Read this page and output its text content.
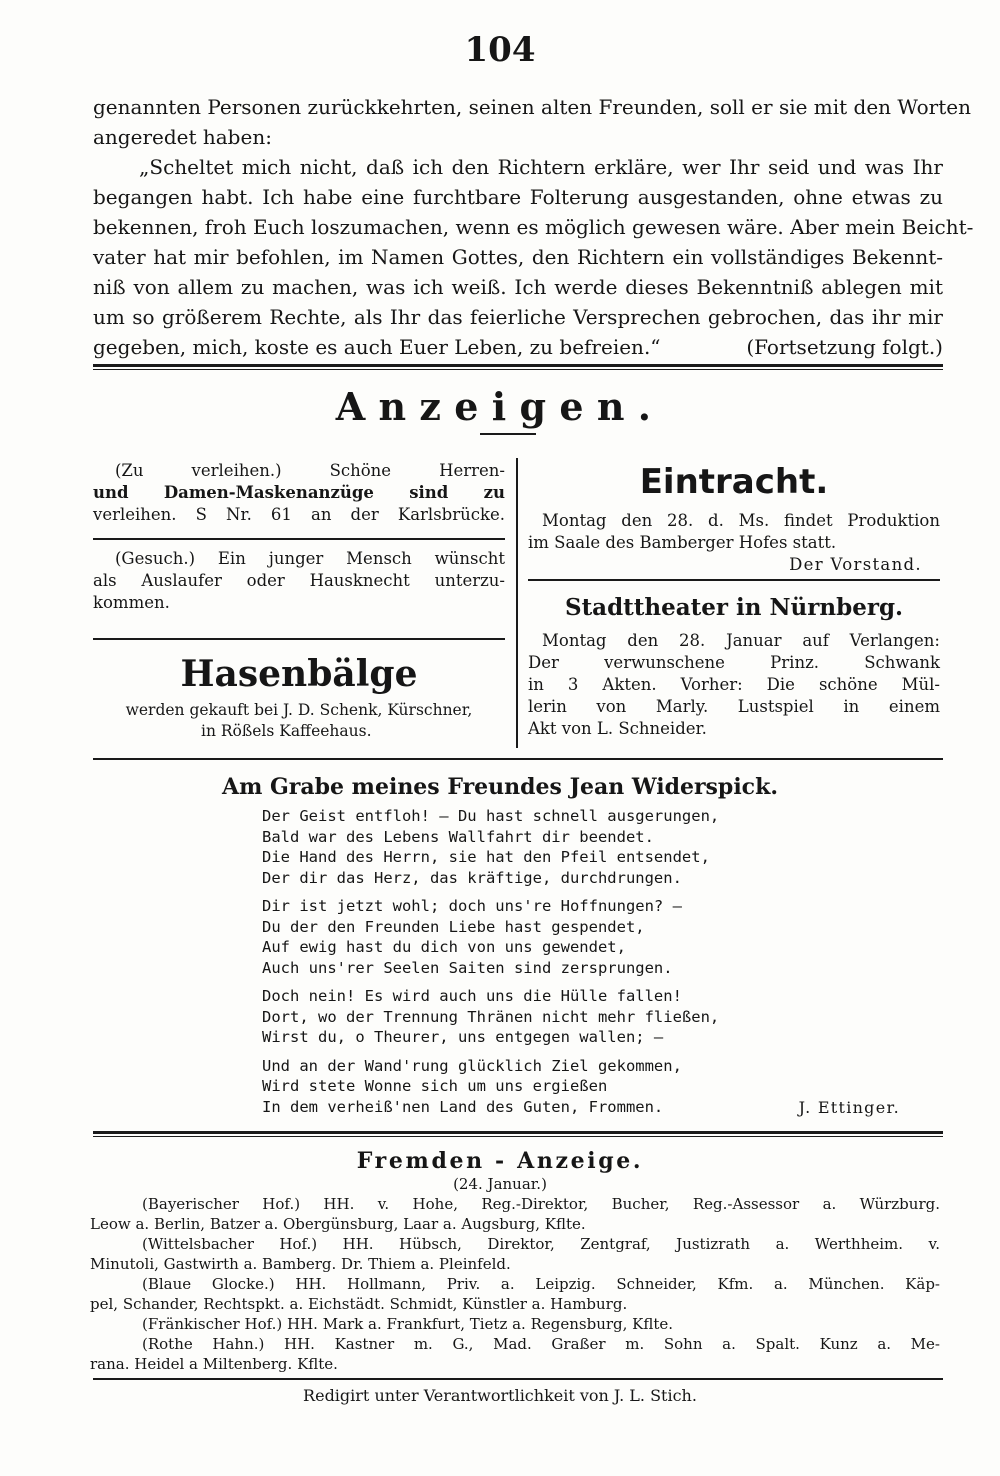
104
genannten Personen zurückkehrten, seinen alten Freunden, soll er sie mit den Worten
angeredet haben:
„Scheltet mich nicht, daß ich den Richtern erkläre, wer Ihr seid und was Ihr
begangen habt. Ich habe eine furchtbare Folterung ausgestanden, ohne etwas zu
bekennen, froh Euch loszumachen, wenn es möglich gewesen wäre. Aber mein Beicht-
vater hat mir befohlen, im Namen Gottes, den Richtern ein vollständiges Bekennt-
niß von allem zu machen, was ich weiß. Ich werde dieses Bekenntniß ablegen mit
um so größerem Rechte, als Ihr das feierliche Versprechen gebrochen, das ihr mir
gegeben, mich, koste es auch Euer Leben, zu befreien.“	(Fortsetzung folgt.)
Anzeigen.
(Zu verleihen.) Schöne Herren-
und Damen-Maskenanzüge sind zu
verleihen. S Nr. 61 an der Karlsbrücke.
(Gesuch.) Ein junger Mensch wünscht
als Auslaufer oder Hausknecht unterzu-
kommen.
Hasenbälge
werden gekauft bei J. D. Schenk, Kürschner,
in Rößels Kaffeehaus.
Eintracht.
Montag den 28. d. Ms. findet Produktion
im Saale des Bamberger Hofes statt.
Der Vorstand.
Stadttheater in Nürnberg.
Montag den 28. Januar auf Verlangen:
Der verwunschene Prinz. Schwank
in 3 Akten. Vorher: Die schöne Mül-
lerin von Marly. Lustspiel in einem
Akt von L. Schneider.
Am Grabe meines Freundes Jean Widerspick.
Der Geist entfloh! — Du hast schnell ausgerungen,
Bald war des Lebens Wallfahrt dir beendet.
Die Hand des Herrn, sie hat den Pfeil entsendet,
Der dir das Herz, das kräftige, durchdrungen.
Dir ist jetzt wohl; doch uns're Hoffnungen? —
Du der den Freunden Liebe hast gespendet,
Auf ewig hast du dich von uns gewendet,
Auch uns'rer Seelen Saiten sind zersprungen.
Doch nein! Es wird auch uns die Hülle fallen!
Dort, wo der Trennung Thränen nicht mehr fließen,
Wirst du, o Theurer, uns entgegen wallen; —
Und an der Wand'rung glücklich Ziel gekommen,
Wird stete Wonne sich um uns ergießen
In dem verheiß'nen Land des Guten, Frommen.	J. Ettinger.
Fremden - Anzeige.
(24. Januar.)
(Bayerischer Hof.) HH. v. Hohe, Reg.-Direktor, Bucher, Reg.-Assessor a. Würzburg.
Leow a. Berlin, Batzer a. Obergünsburg, Laar a. Augsburg, Kflte.
(Wittelsbacher Hof.) HH. Hübsch, Direktor, Zentgraf, Justizrath a. Werthheim. v.
Minutoli, Gastwirth a. Bamberg. Dr. Thiem a. Pleinfeld.
(Blaue Glocke.) HH. Hollmann, Priv. a. Leipzig. Schneider, Kfm. a. München. Käp-
pel, Schander, Rechtspkt. a. Eichstädt. Schmidt, Künstler a. Hamburg.
(Fränkischer Hof.) HH. Mark a. Frankfurt, Tietz a. Regensburg, Kflte.
(Rothe Hahn.) HH. Kastner m. G., Mad. Graßer m. Sohn a. Spalt. Kunz a. Me-
rana. Heidel a Miltenberg. Kflte.
Redigirt unter Verantwortlichkeit von J. L. Stich.
